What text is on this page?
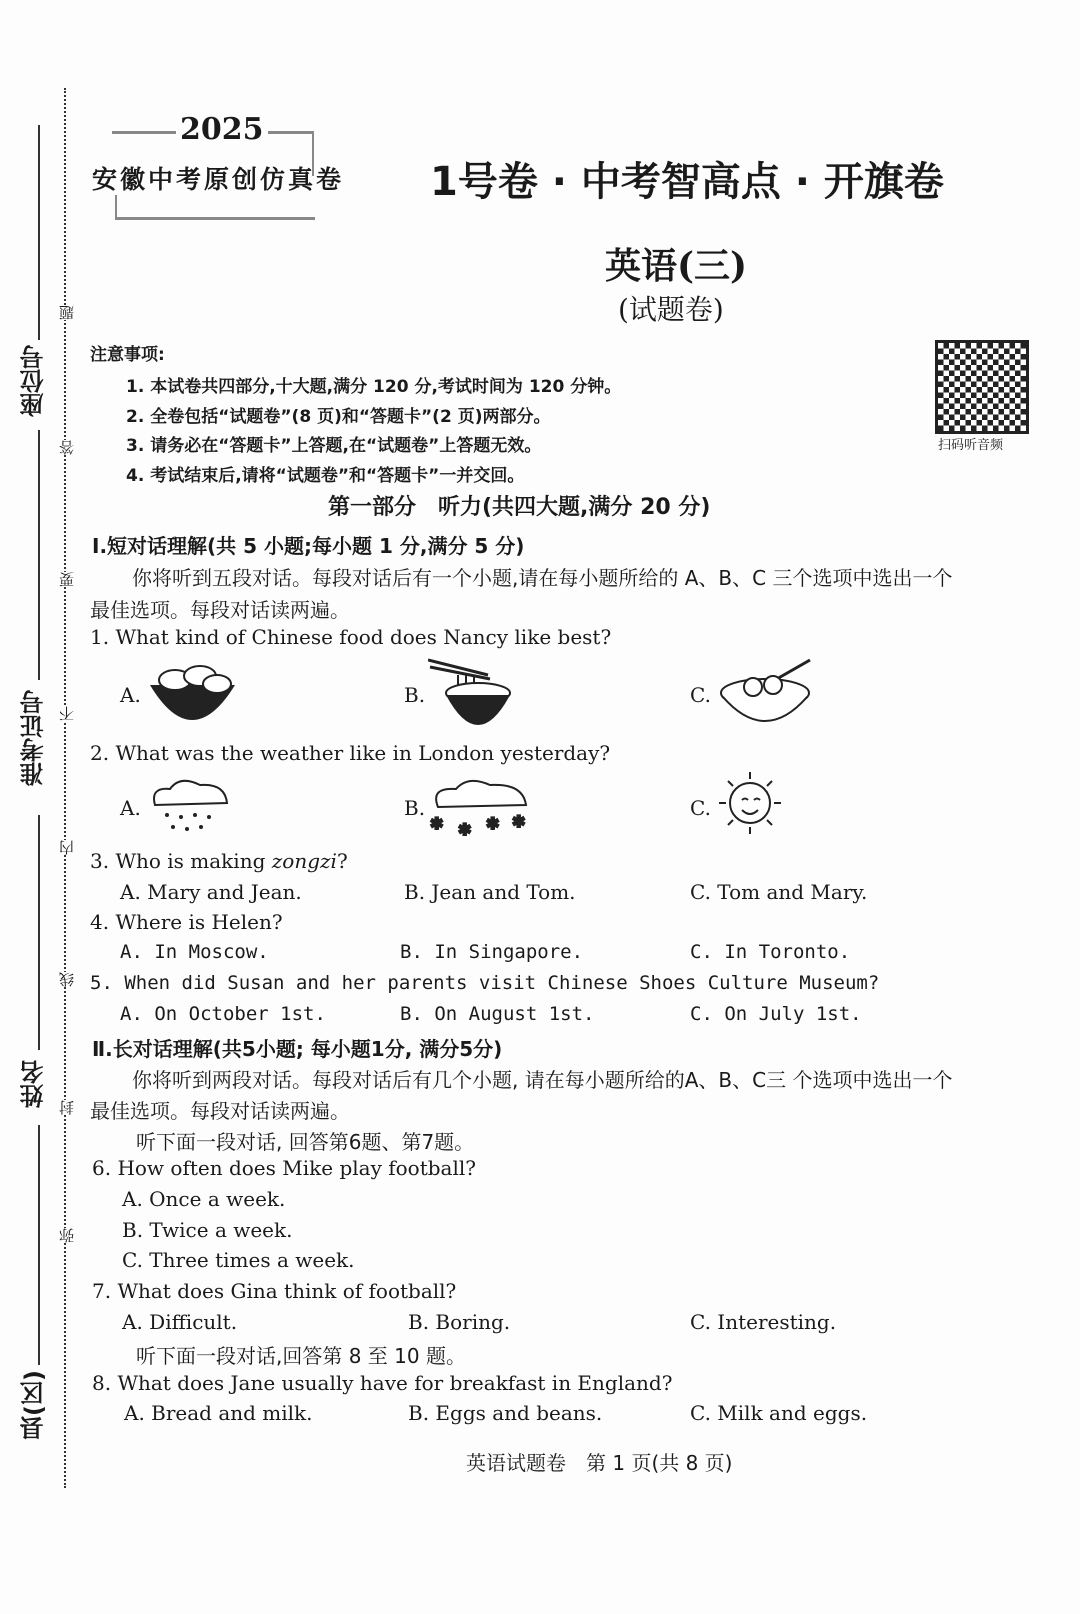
题
答
要
不
内
线
封
弥
座位号
准考证号
姓名
县(区)
2025
安徽中考原创仿真卷 1号卷 · 中考智高点 · 开旗卷
英语(三)
(试题卷)
扫码听音频
注意事项:
1. 本试卷共四部分,十大题,满分 120 分,考试时间为 120 分钟。
2. 全卷包括“试题卷”(8 页)和“答题卡”(2 页)两部分。
3. 请务必在“答题卡”上答题,在“试题卷”上答题无效。
4. 考试结束后,请将“试题卷”和“答题卡”一并交回。
第一部分　听力(共四大题,满分 20 分)
Ⅰ.短对话理解(共 5 小题;每小题 1 分,满分 5 分)
你将听到五段对话。每段对话后有一个小题,请在每小题所给的 A、B、C 三个选项中选出一个
最佳选项。每段对话读两遍。
1. What kind of Chinese food does Nancy like best?
A.	B.	C.
2. What was the weather like in London yesterday?
A.	B.	C.
✱ ✱ ✱ ✱
3. Who is making zongzi?
A. Mary and Jean.	B. Jean and Tom.	C. Tom and Mary.
4. Where is Helen?
A. In Moscow.	B. In Singapore.	C. In Toronto.
5. When did Susan and her parents visit Chinese Shoes Culture Museum?
A. On October 1st.	B. On August 1st.	C. On July 1st.
Ⅱ.长对话理解(共5小题; 每小题1分, 满分5分)
你将听到两段对话。每段对话后有几个小题, 请在每小题所给的A、B、C三 个选项中选出一个
最佳选项。每段对话读两遍。
听下面一段对话, 回答第6题、第7题。
6. How often does Mike play football?
A. Once a week.
B. Twice a week.
C. Three times a week.
7. What does Gina think of football?
A. Difficult.	B. Boring.	C. Interesting.
听下面一段对话,回答第 8 至 10 题。
8. What does Jane usually have for breakfast in England?
A. Bread and milk.	B. Eggs and beans.	C. Milk and eggs.
英语试题卷　第 1 页(共 8 页)
